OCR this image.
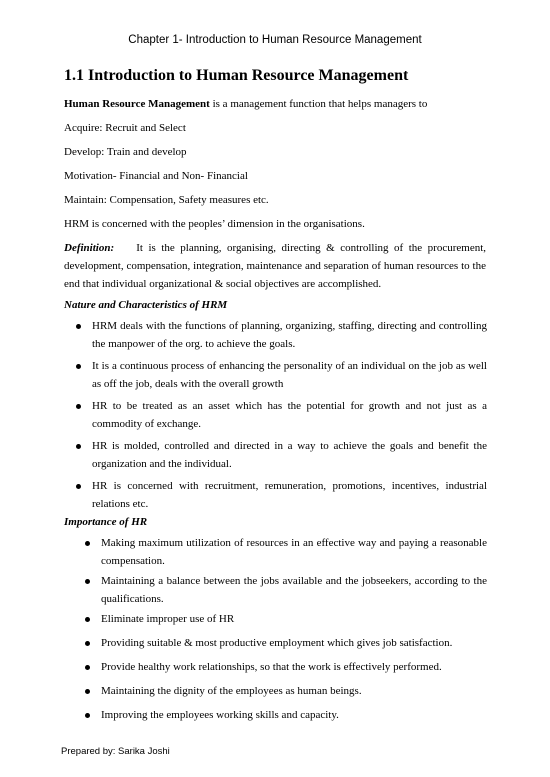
Chapter 1- Introduction to Human Resource Management
1.1 Introduction to Human Resource Management
Human Resource Management is a management function that helps managers to
Acquire: Recruit and Select
Develop: Train and develop
Motivation- Financial and Non- Financial
Maintain: Compensation, Safety measures etc.
HRM is concerned with the peoples’ dimension in the organisations.
Definition: It is the planning, organising, directing & controlling of the procurement, development, compensation, integration, maintenance and separation of human resources to the end that individual organizational & social objectives are accomplished.
Nature and Characteristics of HRM
HRM deals with the functions of planning, organizing, staffing, directing and controlling the manpower of the org. to achieve the goals.
It is a continuous process of enhancing the personality of an individual on the job as well as off the job, deals with the overall growth
HR to be treated as an asset which has the potential for growth and not just as a commodity of exchange.
HR is molded, controlled and directed in a way to achieve the goals and benefit the organization and the individual.
HR is concerned with recruitment, remuneration, promotions, incentives, industrial relations etc.
Importance of HR
Making maximum utilization of resources in an effective way and paying a reasonable compensation.
Maintaining a balance between the jobs available and the jobseekers, according to the qualifications.
Eliminate improper use of HR
Providing suitable & most productive employment which gives job satisfaction.
Provide healthy work relationships, so that the work is effectively performed.
Maintaining the dignity of the employees as human beings.
Improving the employees working skills and capacity.
Prepared by: Sarika Joshi
